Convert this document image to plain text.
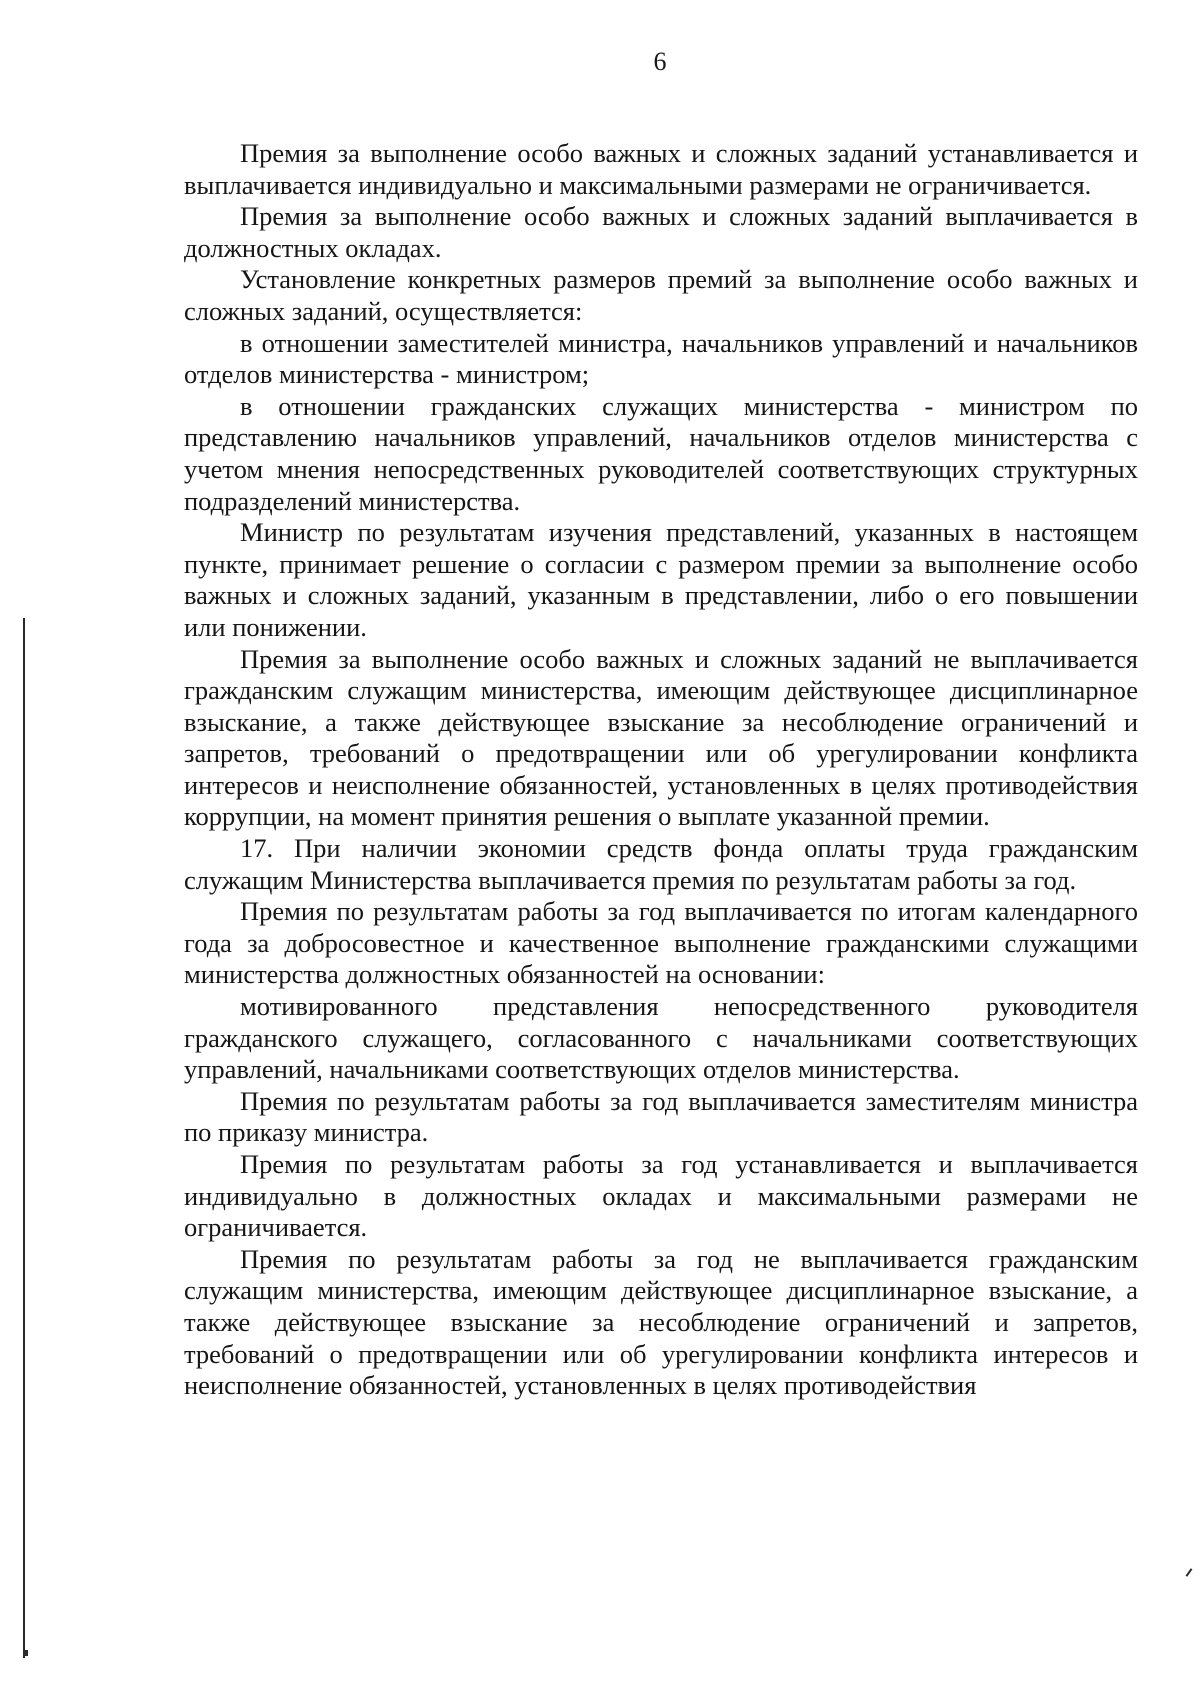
6

Премия за выполнение особо важных и сложных заданий устанавливается и выплачивается индивидуально и максимальными размерами не ограничивается.

Премия за выполнение особо важных и сложных заданий выплачивается в должностных окладах.

Установление конкретных размеров премий за выполнение особо важных и сложных заданий, осуществляется:

в отношении заместителей министра, начальников управлений и начальников отделов министерства - министром;

в отношении гражданских служащих министерства - министром по представлению начальников управлений, начальников отделов министерства с учетом мнения непосредственных руководителей соответствующих структурных подразделений министерства.

Министр по результатам изучения представлений, указанных в настоящем пункте, принимает решение о согласии с размером премии за выполнение особо важных и сложных заданий, указанным в представлении, либо о его повышении или понижении.

Премия за выполнение особо важных и сложных заданий не выплачивается гражданским служащим министерства, имеющим действующее дисциплинарное взыскание, а также действующее взыскание за несоблюдение ограничений и запретов, требований о предотвращении или об урегулировании конфликта интересов и неисполнение обязанностей, установленных в целях противодействия коррупции, на момент принятия решения о выплате указанной премии.

17. При наличии экономии средств фонда оплаты труда гражданским служащим Министерства выплачивается премия по результатам работы за год.

Премия по результатам работы за год выплачивается по итогам календарного года за добросовестное и качественное выполнение гражданскими служащими министерства должностных обязанностей на основании:

мотивированного представления непосредственного руководителя гражданского служащего, согласованного с начальниками соответствующих управлений, начальниками соответствующих отделов министерства.

Премия по результатам работы за год выплачивается заместителям министра по приказу министра.

Премия по результатам работы за год устанавливается и выплачивается индивидуально в должностных окладах и максимальными размерами не ограничивается.

Премия по результатам работы за год не выплачивается гражданским служащим министерства, имеющим действующее дисциплинарное взыскание, а также действующее взыскание за несоблюдение ограничений и запретов, требований о предотвращении или об урегулировании конфликта интересов и неисполнение обязанностей, установленных в целях противодействия
